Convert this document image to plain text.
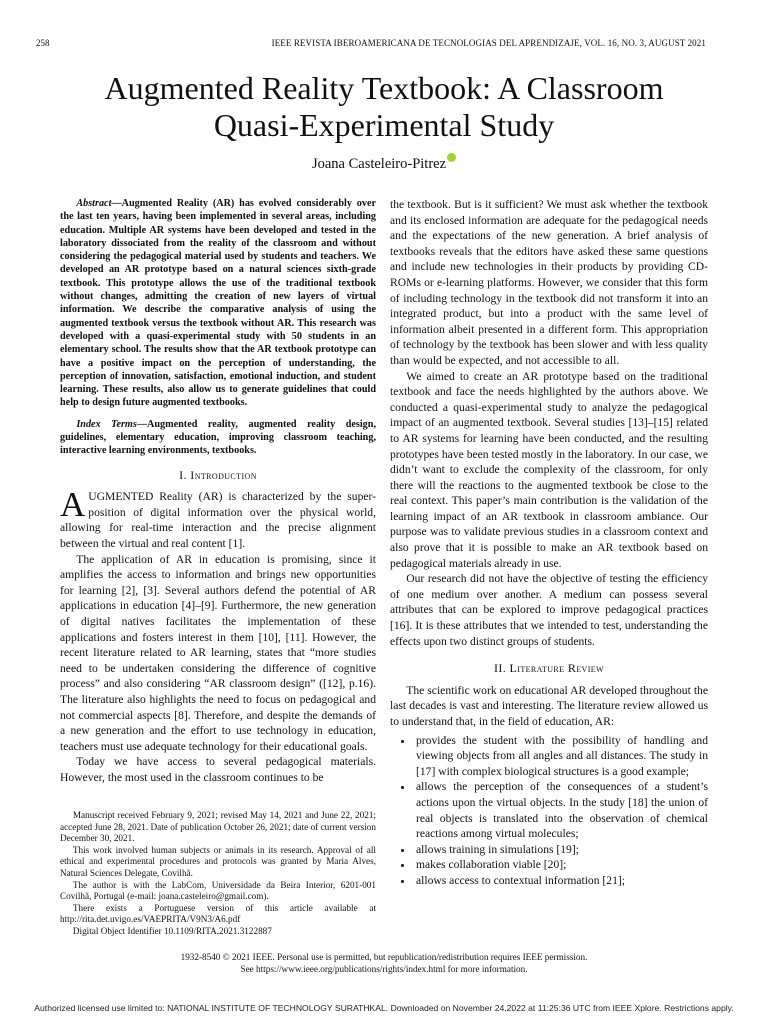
258	IEEE REVISTA IBEROAMERICANA DE TECNOLOGIAS DEL APRENDIZAJE, VOL. 16, NO. 3, AUGUST 2021
Augmented Reality Textbook: A Classroom
Quasi-Experimental Study
Joana Casteleiro-Pitrez

Abstract—Augmented Reality (AR) has evolved considerably over the last ten years, having been implemented in several areas, including education. Multiple AR systems have been developed and tested in the laboratory dissociated from the reality of the classroom and without considering the pedagogical material used by students and teachers. We developed an AR prototype based on a natural sciences sixth-grade textbook. This prototype allows the use of the traditional textbook without changes, admitting the creation of new layers of virtual information. We describe the comparative analysis of using the augmented textbook versus the textbook without AR. This research was developed with a quasi-experimental study with 50 students in an elementary school. The results show that the AR textbook prototype can have a positive impact on the perception of understanding, the perception of innovation, satisfaction, emotional induction, and student learning. These results, also allow us to generate guidelines that could help to design future augmented textbooks.

Index Terms—Augmented reality, augmented reality design, guidelines, elementary education, improving classroom teaching, interactive learning environments, textbooks.

I. Introduction

AUGMENTED Reality (AR) is characterized by the super-position of digital information over the physical world, allowing for real-time interaction and the precise alignment between the virtual and real content [1].

The application of AR in education is promising, since it amplifies the access to information and brings new opportunities for learning [2], [3]. Several authors defend the potential of AR applications in education [4]–[9]. Furthermore, the new generation of digital natives facilitates the implementation of these applications and fosters interest in them [10], [11]. However, the recent literature related to AR learning, states that “more studies need to be undertaken considering the difference of cognitive process” and also considering “AR classroom design” ([12], p.16). The literature also highlights the need to focus on pedagogical and not commercial aspects [8]. Therefore, and despite the demands of a new generation and the effort to use technology in education, teachers must use adequate technology for their educational goals.

Today we have access to several pedagogical materials. However, the most used in the classroom continues to be

Manuscript received February 9, 2021; revised May 14, 2021 and June 22, 2021; accepted June 28, 2021. Date of publication October 26, 2021; date of current version December 30, 2021.

This work involved human subjects or animals in its research. Approval of all ethical and experimental procedures and protocols was granted by Maria Alves, Natural Sciences Delegate, Covilhã.

The author is with the LabCom, Universidade da Beira Interior, 6201-001 Covilhã, Portugal (e-mail: joana.casteleiro@gmail.com).

There exists a Portuguese version of this article available at http://rita.det.uvigo.es/VAEPRITA/V9N3/A6.pdf

Digital Object Identifier 10.1109/RITA.2021.3122887

the textbook. But is it sufficient? We must ask whether the textbook and its enclosed information are adequate for the pedagogical needs and the expectations of the new generation. A brief analysis of textbooks reveals that the editors have asked these same questions and include new technologies in their products by providing CD-ROMs or e-learning platforms. However, we consider that this form of including technology in the textbook did not transform it into an integrated product, but into a product with the same level of information albeit presented in a different form. This appropriation of technology by the textbook has been slower and with less quality than would be expected, and not accessible to all.

We aimed to create an AR prototype based on the traditional textbook and face the needs highlighted by the authors above. We conducted a quasi-experimental study to analyze the pedagogical impact of an augmented textbook. Several studies [13]–[15] related to AR systems for learning have been conducted, and the resulting prototypes have been tested mostly in the laboratory. In our case, we didn’t want to exclude the complexity of the classroom, for only there will the reactions to the augmented textbook be close to the real context. This paper’s main contribution is the validation of the learning impact of an AR textbook in classroom ambiance. Our purpose was to validate previous studies in a classroom context and also prove that it is possible to make an AR textbook based on pedagogical materials already in use.

Our research did not have the objective of testing the efficiency of one medium over another. A medium can possess several attributes that can be explored to improve pedagogical practices [16]. It is these attributes that we intended to test, understanding the effects upon two distinct groups of students.

II. Literature Review

The scientific work on educational AR developed throughout the last decades is vast and interesting. The literature review allowed us to understand that, in the field of education, AR:

• provides the student with the possibility of handling and viewing objects from all angles and all distances. The study in [17] with complex biological structures is a good example;
• allows the perception of the consequences of a student’s actions upon the virtual objects. In the study [18] the union of real objects is translated into the observation of chemical reactions among virtual molecules;
• allows training in simulations [19];
• makes collaboration viable [20];
• allows access to contextual information [21];
1932-8540 © 2021 IEEE. Personal use is permitted, but republication/redistribution requires IEEE permission.
See https://www.ieee.org/publications/rights/index.html for more information.
Authorized licensed use limited to: NATIONAL INSTITUTE OF TECHNOLOGY SURATHKAL. Downloaded on November 24,2022 at 11:25:36 UTC from IEEE Xplore. Restrictions apply.
